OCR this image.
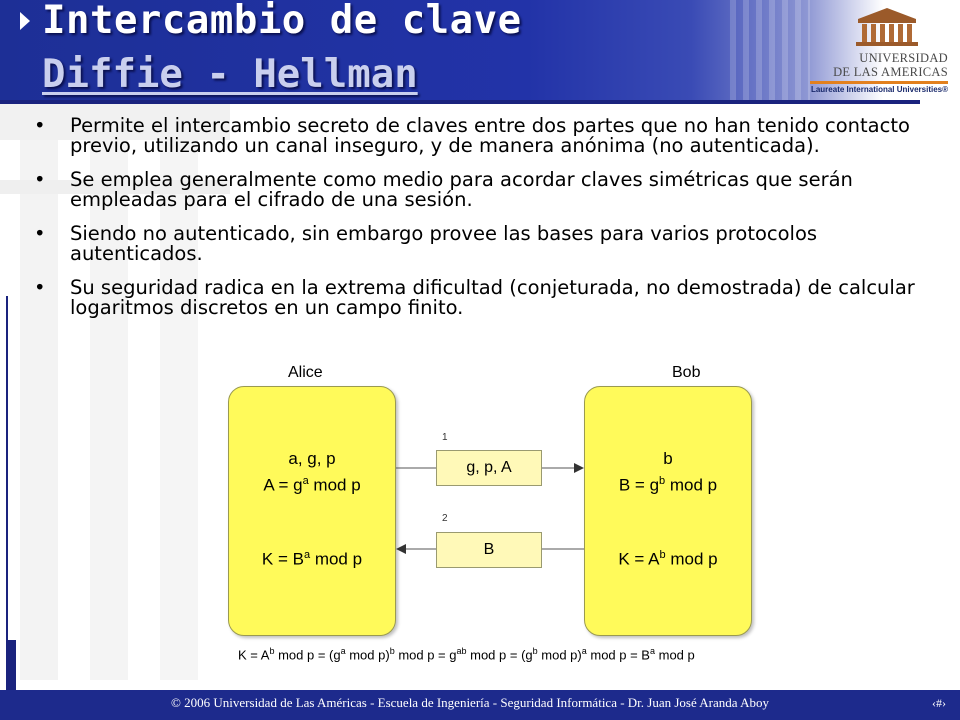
Intercambio de clave
Diffie - Hellman	UNIVERSIDAD
DE LAS AMERICAS
Laureate International Universities®
• Permite el intercambio secreto de claves entre dos partes que no han tenido contacto previo, utilizando un canal inseguro, y de manera anónima (no autenticada).
• Se emplea generalmente como medio para acordar claves simétricas que serán empleadas para el cifrado de una sesión.
• Siendo no autenticado, sin embargo provee las bases para varios protocolos autenticados.
• Su seguridad radica en la extrema dificultad (conjeturada, no demostrada) de calcular logaritmos discretos en un campo finito.
Alice	Bob
a, g, p
$A = g^a$ mod p
$K = B^a$ mod p
b
$B = g^b$ mod p
$K = A^b$ mod p
1
g, p, A
2
B
$K = A^b$ mod $p = (g^a$ mod p)$^b$ mod $p = g^{ab}$ mod $p = (g^b$ mod p)$^a$ mod $p = B^a$ mod p
© 2006 Universidad de Las Américas - Escuela de Ingeniería - Seguridad Informática - Dr. Juan José Aranda Aboy	‹#›
